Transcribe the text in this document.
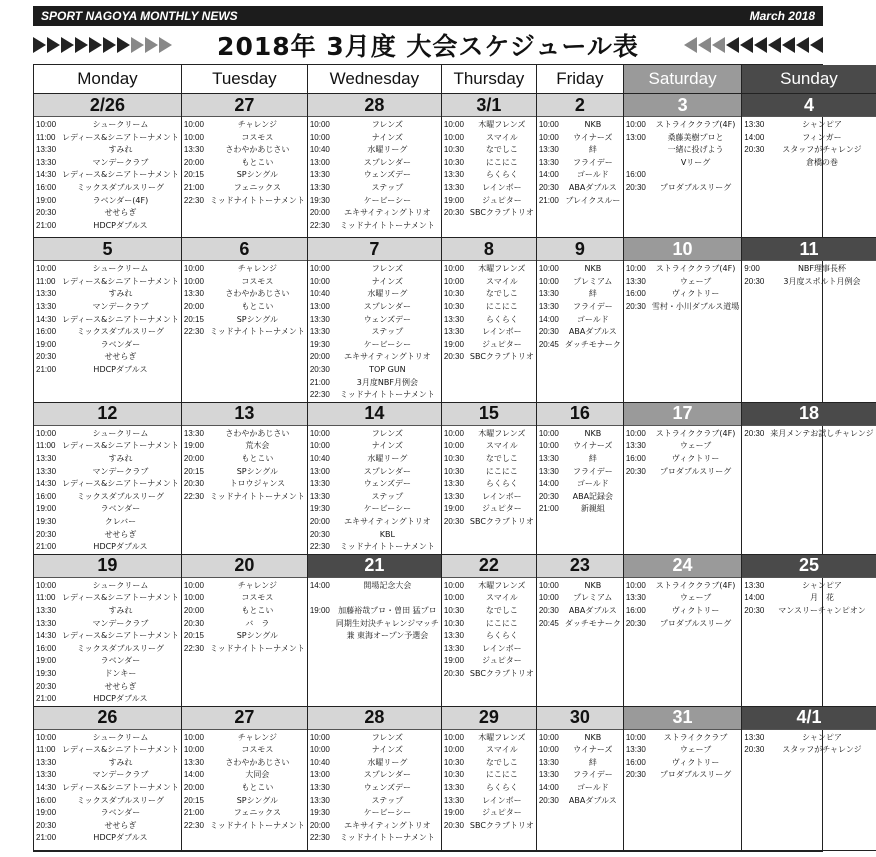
SPORT NAGOYA MONTHLY NEWS	March 2018
2018年 3月度 大会スケジュール表
Monday	Tuesday	Wednesday	Thursday	Friday	Saturday	Sunday
2/26
10:00	シュークリーム
11:00 レディース&シニアトーナメント
13:30	すみれ
13:30	マンデークラブ
14:30 レディース&シニアトーナメント
16:00	ミックスダブルスリーグ
19:00	ラベンダー(4F)
20:30	せせらぎ
21:00	HDCPダブルス
27
10:00	チャレンジ
10:00	コスモス
13:30	さわやかあじさい
20:00	もとこい
20:15	SPシングル
21:00	フェニックス
22:30 ミッドナイトトーナメント
28
10:00	フレンズ
10:00	ナインズ
10:40	水曜リーグ
13:00	スプレンダー
13:30	ウェンズデー
13:30	ステップ
19:30	ケービーシー
20:00	エキサイティングトリオ
22:30	ミッドナイトトーナメント
3/1
10:00	木曜フレンズ
10:00	スマイル
10:30	なでしこ
10:30	にこにこ
13:30	らくらく
13:30	レインボー
19:00	ジュピター
20:30 SBCクラブトリオ
2
10:00	NKB
10:00	ウイナーズ
13:30	絆
13:30	フライデー
14:00	ゴールド
20:30	ABAダブルス
21:00 ブレイクスルー
3
10:00	ストライククラブ(4F)
13:00	桑藤美樹プロと
一緒に投げよう
Vリーグ
16:00
20:30	プロダブルスリーグ
4
13:30	シャンピア
14:00	フィンガー
20:30	スタッフがチャレンジ
倉橋の巻
5
10:00	シュークリーム
11:00 レディース&シニアトーナメント
13:30	すみれ
13:30	マンデークラブ
14:30 レディース&シニアトーナメント
16:00	ミックスダブルスリーグ
19:00	ラベンダー
20:30	せせらぎ
21:00	HDCPダブルス
6
10:00	チャレンジ
10:00	コスモス
13:30	さわやかあじさい
20:00	もとこい
20:15	SPシングル
22:30 ミッドナイトトーナメント
7
10:00	フレンズ
10:00	ナインズ
10:40	水曜リーグ
13:00	スプレンダー
13:30	ウェンズデー
13:30	ステップ
19:30	ケービーシー
20:00	エキサイティングトリオ
20:30	TOP GUN
21:00	3月度NBF月例会
22:30	ミッドナイトトーナメント
8
10:00	木曜フレンズ
10:00	スマイル
10:30	なでしこ
10:30	にこにこ
13:30	らくらく
13:30	レインボー
19:00	ジュピター
20:30 SBCクラブトリオ
9
10:00	NKB
10:00	プレミアム
13:30	絆
13:30	フライデー
14:00	ゴールド
20:30	ABAダブルス
20:45 ダッチモナーク
10
10:00	ストライククラブ(4F)
13:30	ウェーブ
16:00	ヴィクトリー
20:30 雪村・小川ダブルス道場
11
9:00	NBF理事長杯
20:30	3月度スポルト月例会
12
10:00	シュークリーム
11:00 レディース&シニアトーナメント
13:30	すみれ
13:30	マンデークラブ
14:30 レディース&シニアトーナメント
16:00	ミックスダブルスリーグ
19:00	ラベンダー
19:30	クレバー
20:30	せせらぎ
21:00	HDCPダブルス
13
13:30	さわやかあじさい
19:00	荒木会
20:00	もとこい
20:15	SPシングル
20:30	トロウジャンス
22:30 ミッドナイトトーナメント
14
10:00	フレンズ
10:00	ナインズ
10:40	水曜リーグ
13:00	スプレンダー
13:30	ウェンズデー
13:30	ステップ
19:30	ケービーシー
20:00	エキサイティングトリオ
20:30	KBL
22:30	ミッドナイトトーナメント
15
10:00	木曜フレンズ
10:00	スマイル
10:30	なでしこ
10:30	にこにこ
13:30	らくらく
13:30	レインボー
19:00	ジュピター
20:30 SBCクラブトリオ
16
10:00	NKB
10:00	ウイナーズ
13:30	絆
13:30	フライデー
14:00	ゴールド
20:30	ABA記録会
21:00	新親組
17
10:00	ストライククラブ(4F)
13:30	ウェーブ
16:00	ヴィクトリー
20:30	プロダブルスリーグ
18
20:30 来月メンテお試しチャレンジ
19
10:00	シュークリーム
11:00 レディース&シニアトーナメント
13:30	すみれ
13:30	マンデークラブ
14:30 レディース&シニアトーナメント
16:00	ミックスダブルスリーグ
19:00	ラベンダー
19:30	ドンキー
20:30	せせらぎ
21:00	HDCPダブルス
20
10:00	チャレンジ
10:00	コスモス
20:00	もとこい
20:30	バ　ラ
20:15	SPシングル
22:30 ミッドナイトトーナメント
21
14:00	開場記念大会
19:00	加藤裕哉プロ・曽田 猛プロ
同期生対決チャレンジマッチ
兼 東海オープン予選会
22
10:00	木曜フレンズ
10:00	スマイル
10:30	なでしこ
10:30	にこにこ
13:30	らくらく
13:30	レインボー
19:00	ジュピター
20:30 SBCクラブトリオ
23
10:00	NKB
10:00	プレミアム
20:30	ABAダブルス
20:45 ダッチモナーク
24
10:00	ストライククラブ(4F)
13:30	ウェーブ
16:00	ヴィクトリー
20:30	プロダブルスリーグ
25
13:30	シャンピア
14:00	月　花
20:30	マンスリーチャンピオン
26
10:00	シュークリーム
11:00 レディース&シニアトーナメント
13:30	すみれ
13:30	マンデークラブ
14:30 レディース&シニアトーナメント
16:00	ミックスダブルスリーグ
19:00	ラベンダー
20:30	せせらぎ
21:00	HDCPダブルス
27
10:00	チャレンジ
10:00	コスモス
13:30	さわやかあじさい
14:00	大同会
20:00	もとこい
20:15	SPシングル
21:00	フェニックス
22:30 ミッドナイトトーナメント
28
10:00	フレンズ
10:00	ナインズ
10:40	水曜リーグ
13:00	スプレンダー
13:30	ウェンズデー
13:30	ステップ
19:30	ケービーシー
20:00	エキサイティングトリオ
22:30	ミッドナイトトーナメント
29
10:00	木曜フレンズ
10:00	スマイル
10:30	なでしこ
10:30	にこにこ
13:30	らくらく
13:30	レインボー
19:00	ジュピター
20:30 SBCクラブトリオ
30
10:00	NKB
10:00	ウイナーズ
13:30	絆
13:30	フライデー
14:00	ゴールド
20:30	ABAダブルス
31
10:00	ストライククラブ
13:30	ウェーブ
16:00	ヴィクトリー
20:30	プロダブルスリーグ
4/1
13:30	シャンピア
20:30	スタッフがチャレンジ
